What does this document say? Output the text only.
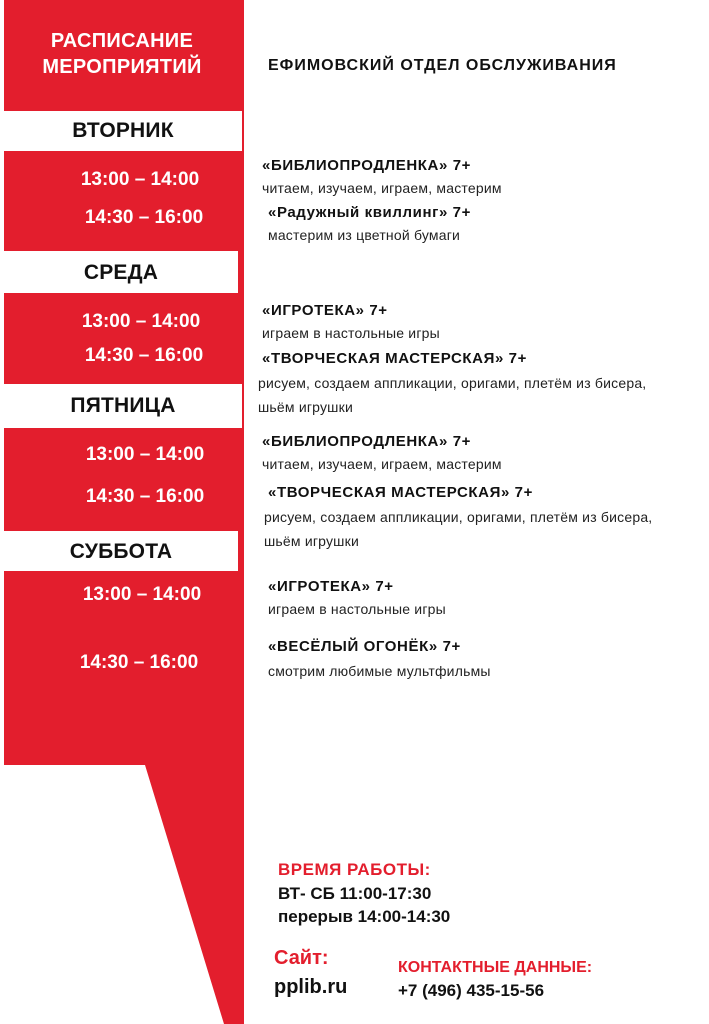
РАСПИСАНИЕ
МЕРОПРИЯТИЙ	ЕФИМОВСКИЙ ОТДЕЛ ОБСЛУЖИВАНИЯ
ВТОРНИК
СРЕДА
ПЯТНИЦА
СУББОТА
13:00 – 14:00
14:30 – 16:00
13:00 – 14:00
14:30 – 16:00
13:00 – 14:00
14:30 – 16:00
13:00 – 14:00
14:30 – 16:00
«БИБЛИОПРОДЛЕНКА» 7+
читаем, изучаем, играем, мастерим
«Радужный квиллинг» 7+
мастерим из цветной бумаги
«ИГРОТЕКА» 7+
играем в настольные игры
«ТВОРЧЕСКАЯ МАСТЕРСКАЯ» 7+
рисуем, создаем аппликации, оригами, плетём из бисера, шьём игрушки
«БИБЛИОПРОДЛЕНКА» 7+
читаем, изучаем, играем, мастерим
«ТВОРЧЕСКАЯ МАСТЕРСКАЯ» 7+
рисуем, создаем аппликации, оригами, плетём из бисера, шьём игрушки
«ИГРОТЕКА» 7+
играем в настольные игры
«ВЕСЁЛЫЙ ОГОНЁК» 7+
смотрим любимые мультфильмы
ВРЕМЯ РАБОТЫ:
ВТ- СБ 11:00-17:30
перерыв 14:00-14:30
Сайт:
pplib.ru
КОНТАКТНЫЕ ДАННЫЕ:
+7 (496) 435-15-56
